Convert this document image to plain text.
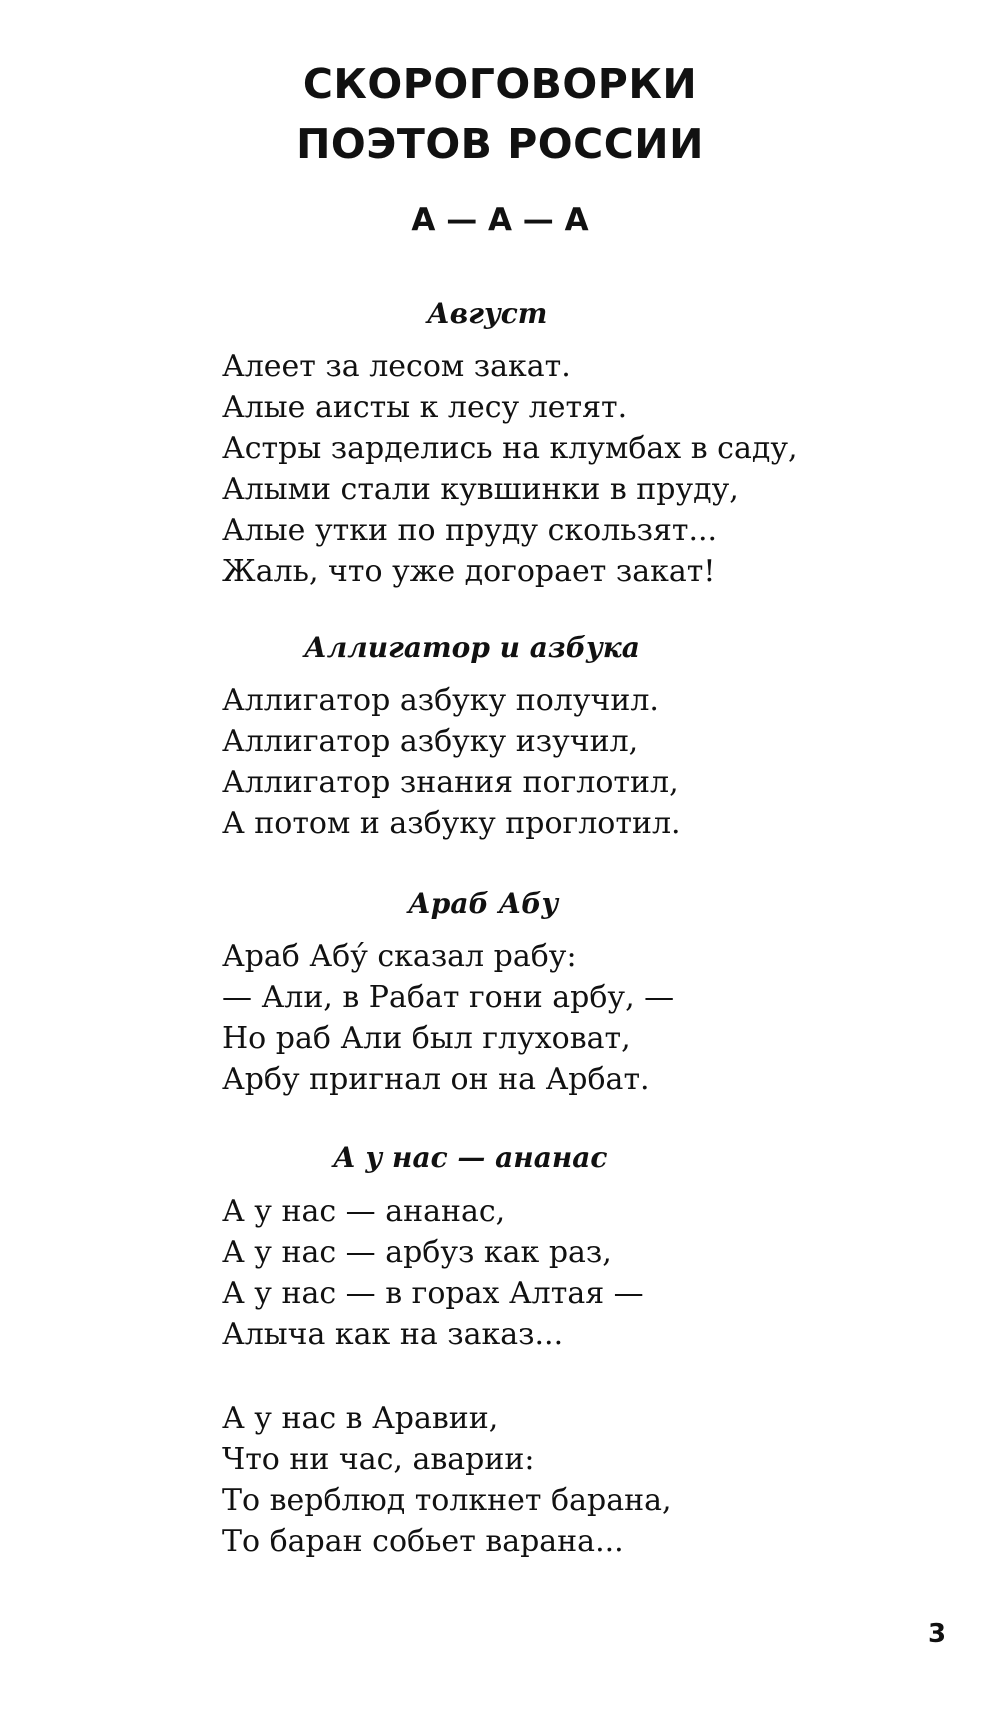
СКОРОГОВОРКИ
ПОЭТОВ РОССИИ
А — А — А
Август
Алеет за лесом закат.
Алые аисты к лесу летят.
Астры зарделись на клумбах в саду,
Алыми стали кувшинки в пруду,
Алые утки по пруду скользят...
Жаль, что уже догорает закат!
Аллигатор и азбука
Аллигатор азбуку получил.
Аллигатор азбуку изучил,
Аллигатор знания поглотил,
А потом и азбуку проглотил.
Араб Абу
Араб Абу́ сказал рабу:
— Али, в Рабат гони арбу, —
Но раб Али был глуховат,
Арбу пригнал он на Арбат.
А у нас — ананас
А у нас — ананас,
А у нас — арбуз как раз,
А у нас — в горах Алтая —
Алыча как на заказ...
А у нас в Аравии,
Что ни час, аварии:
То верблюд толкнет барана,
То баран собьет варана...
3
